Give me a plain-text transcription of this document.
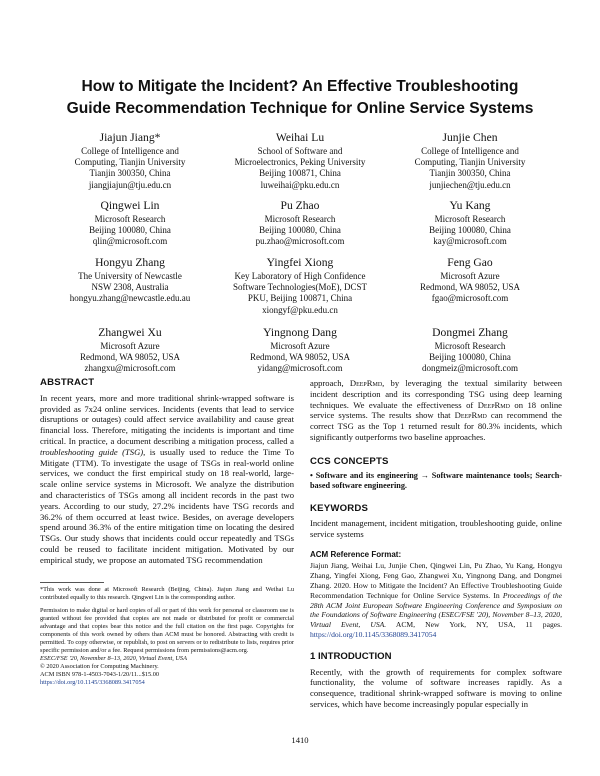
How to Mitigate the Incident? An Effective Troubleshooting
Guide Recommendation Technique for Online Service Systems
Jiajun Jiang*
College of Intelligence and
Computing, Tianjin University
Tianjin 300350, China
jiangjiajun@tju.edu.cn
Weihai Lu
School of Software and
Microelectronics, Peking University
Beijing 100871, China
luweihai@pku.edu.cn
Junjie Chen
College of Intelligence and
Computing, Tianjin University
Tianjin 300350, China
junjiechen@tju.edu.cn
Qingwei Lin
Microsoft Research
Beijing 100080, China
qlin@microsoft.com
Pu Zhao
Microsoft Research
Beijing 100080, China
pu.zhao@microsoft.com
Yu Kang
Microsoft Research
Beijing 100080, China
kay@microsoft.com
Hongyu Zhang
The University of Newcastle
NSW 2308, Australia
hongyu.zhang@newcastle.edu.au
Yingfei Xiong
Key Laboratory of High Confidence
Software Technologies(MoE), DCST
PKU, Beijing 100871, China
xiongyf@pku.edu.cn
Feng Gao
Microsoft Azure
Redmond, WA 98052, USA
fgao@microsoft.com
Zhangwei Xu
Microsoft Azure
Redmond, WA 98052, USA
zhangxu@microsoft.com
Yingnong Dang
Microsoft Azure
Redmond, WA 98052, USA
yidang@microsoft.com
Dongmei Zhang
Microsoft Research
Beijing 100080, China
dongmeiz@microsoft.com

ABSTRACT

In recent years, more and more traditional shrink-wrapped software is provided as 7x24 online services. Incidents (events that lead to service disruptions or outages) could affect service availability and cause great financial loss. Therefore, mitigating the incidents is important and time critical. In practice, a document describing a mitigation process, called a troubleshooting guide (TSG), is usually used to reduce the Time To Mitigate (TTM). To investigate the usage of TSGs in real-world online services, we conduct the first empirical study on 18 real-world, large-scale online service systems in Microsoft. We analyze the distribution and characteristics of TSGs among all incident records in the past two years. According to our study, 27.2% incidents have TSG records and 36.2% of them occurred at least twice. Besides, on average developers spend around 36.3% of the entire mitigation time on locating the desired TSGs. Our study shows that incidents could occur repeatedly and TSGs could be reused to facilitate incident mitigation. Motivated by our empirical study, we propose an automated TSG recommendation

*This work was done at Microsoft Research (Beijing, China). Jiajun Jiang and Weihai Lu contributed equally to this research. Qingwei Lin is the corresponding author.

Permission to make digital or hard copies of all or part of this work for personal or classroom use is granted without fee provided that copies are not made or distributed for profit or commercial advantage and that copies bear this notice and the full citation on the first page. Copyrights for components of this work owned by others than ACM must be honored. Abstracting with credit is permitted. To copy otherwise, or republish, to post on servers or to redistribute to lists, requires prior specific permission and/or a fee. Request permissions from permissions@acm.org.

ESEC/FSE '20, November 8–13, 2020, Virtual Event, USA

© 2020 Association for Computing Machinery.

ACM ISBN 978-1-4503-7043-1/20/11...$15.00

https://doi.org/10.1145/3368089.3417054

approach, DeepRmd, by leveraging the textual similarity between incident description and its corresponding TSG using deep learning techniques. We evaluate the effectiveness of DeepRmd on 18 online service systems. The results show that DeepRmd can recommend the correct TSG as the Top 1 returned result for 80.3% incidents, which significantly outperforms two baseline approaches.

CCS CONCEPTS

• Software and its engineering → Software maintenance tools; Search-based software engineering.

KEYWORDS

Incident management, incident mitigation, troubleshooting guide, online service systems

ACM Reference Format:

Jiajun Jiang, Weihai Lu, Junjie Chen, Qingwei Lin, Pu Zhao, Yu Kang, Hongyu Zhang, Yingfei Xiong, Feng Gao, Zhangwei Xu, Yingnong Dang, and Dongmei Zhang. 2020. How to Mitigate the Incident? An Effective Troubleshooting Guide Recommendation Technique for Online Service Systems. In Proceedings of the 28th ACM Joint European Software Engineering Conference and Symposium on the Foundations of Software Engineering (ESEC/FSE '20), November 8–13, 2020, Virtual Event, USA. ACM, New York, NY, USA, 11 pages. https://doi.org/10.1145/3368089.3417054

1 INTRODUCTION

Recently, with the growth of requirements for complex software functionality, the volume of software increases rapidly. As a consequence, traditional shrink-wrapped software is moving to online services, which have become increasingly popular especially in

1410
